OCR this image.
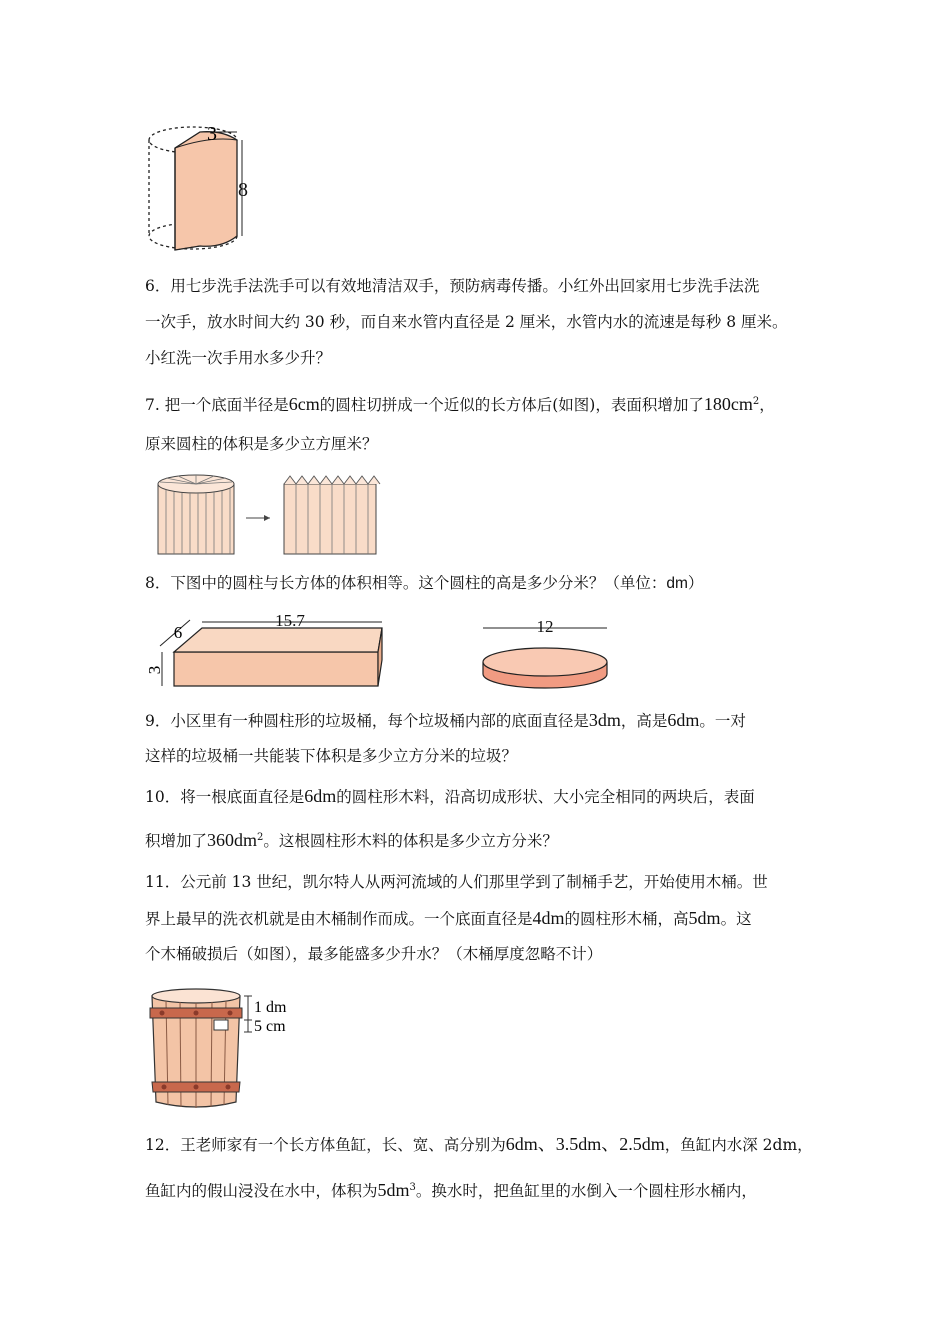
3
8
6．用七步洗手法洗手可以有效地清洁双手，预防病毒传播。小红外出回家用七步洗手法洗
一次手，放水时间大约 30 秒，而自来水管内直径是 2 厘米，水管内水的流速是每秒 8 厘米。
小红洗一次手用水多少升？
7. 把一个底面半径是6cm的圆柱切拼成一个近似的长方体后(如图)，表面积增加了$180cm^2$，
原来圆柱的体积是多少立方厘米？
8．下图中的圆柱与长方体的体积相等。这个圆柱的高是多少分米？（单位：dm）
15.7
6
3
12
9．小区里有一种圆柱形的垃圾桶，每个垃圾桶内部的底面直径是3dm，高是6dm。一对
这样的垃圾桶一共能装下体积是多少立方分米的垃圾？
10．将一根底面直径是6dm的圆柱形木料，沿高切成形状、大小完全相同的两块后，表面
积增加了$360dm^2$。这根圆柱形木料的体积是多少立方分米？
11．公元前 13 世纪，凯尔特人从两河流域的人们那里学到了制桶手艺，开始使用木桶。世
界上最早的洗衣机就是由木桶制作而成。一个底面直径是4dm的圆柱形木桶，高5dm。这
个木桶破损后（如图），最多能盛多少升水？（木桶厚度忽略不计）
1 dm
5 cm
12．王老师家有一个长方体鱼缸，长、宽、高分别为6dm、3.5dm、2.5dm，鱼缸内水深 2dm，
鱼缸内的假山浸没在水中，体积为$5dm^3$。换水时，把鱼缸里的水倒入一个圆柱形水桶内，
